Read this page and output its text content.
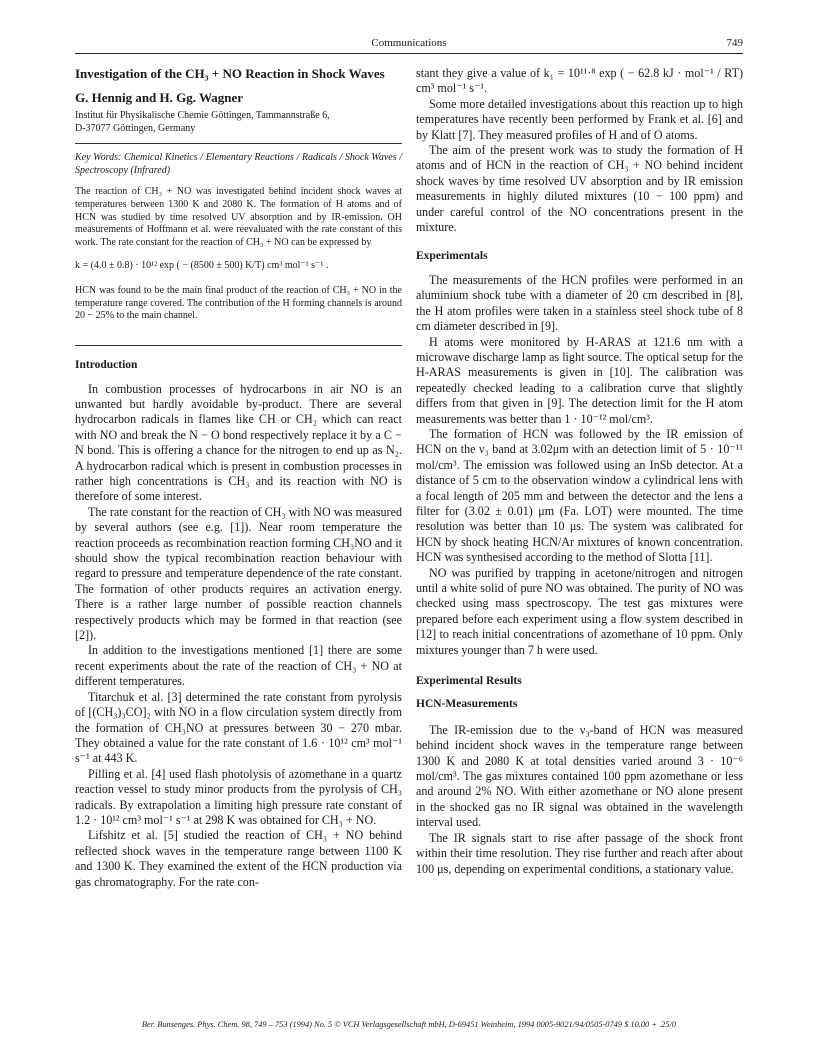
Communications	749
Investigation of the CH₃ + NO Reaction in Shock Waves
G. Hennig and H. Gg. Wagner
Institut für Physikalische Chemie Göttingen, Tammannstraße 6,
D-37077 Göttingen, Germany

Key Words: Chemical Kinetics / Elementary Reactions / Radicals / Shock Waves / Spectroscopy (Infrared)

The reaction of CH₃ + NO was investigated behind incident shock waves at temperatures between 1300 K and 2080 K. The formation of H atoms and of HCN was studied by time resolved UV absorption and by IR-emission. OH measurements of Hoffmann et al. were reevaluated with the rate constant of this work. The rate constant for the reaction of CH₃ + NO can be expressed by

k = (4.0 ± 0.8) · 10¹² exp ( − (8500 ± 500) K/T) cm³ mol⁻¹ s⁻¹ .

HCN was found to be the main final product of the reaction of CH₃ + NO in the temperature range covered. The contribution of the H forming channels is around 20 − 25% to the main channel.

Introduction

In combustion processes of hydrocarbons in air NO is an unwanted but hardly avoidable by-product. There are several hydrocarbon radicals in flames like CH or CH₂ which can react with NO and break the N − O bond respectively replace it by a C − N bond. This is offering a chance for the nitrogen to end up as N₂. A hydrocarbon radical which is present in combustion processes in rather high concentrations is CH₃ and its reaction with NO is therefore of some interest.

The rate constant for the reaction of CH₃ with NO was measured by several authors (see e.g. [1]). Near room temperature the reaction proceeds as recombination reaction forming CH₃NO and it should show the typical recombination reaction behaviour with regard to pressure and temperature dependence of the rate constant. The formation of other products requires an activation energy. There is a rather large number of possible reaction channels respectively products which may be formed in that reaction (see [2]).

In addition to the investigations mentioned [1] there are some recent experiments about the rate of the reaction of CH₃ + NO at different temperatures.

Titarchuk et al. [3] determined the rate constant from pyrolysis of [(CH₃)₃CO]₂ with NO in a flow circulation system directly from the formation of CH₃NO at pressures between 30 − 270 mbar. They obtained a value for the rate constant of 1.6 · 10¹² cm³ mol⁻¹ s⁻¹ at 443 K.

Pilling et al. [4] used flash photolysis of azomethane in a quartz reaction vessel to study minor products from the pyrolysis of CH₃ radicals. By extrapolation a limiting high pressure rate constant of 1.2 · 10¹² cm³ mol⁻¹ s⁻¹ at 298 K was obtained for CH₃ + NO.

Lifshitz et al. [5] studied the reaction of CH₃ + NO behind reflected shock waves in the temperature range between 1100 K and 1300 K. They examined the extent of the HCN production via gas chromatography. For the rate con-

stant they give a value of k₁ = 10¹¹·⁸ exp ( − 62.8 kJ · mol⁻¹ / RT) cm³ mol⁻¹ s⁻¹.

Some more detailed investigations about this reaction up to high temperatures have recently been performed by Frank et al. [6] and by Klatt [7]. They measured profiles of H and of O atoms.

The aim of the present work was to study the formation of H atoms and of HCN in the reaction of CH₃ + NO behind incident shock waves by time resolved UV absorption and by IR emission measurements in highly diluted mixtures (10 − 100 ppm) and under careful control of the NO concentrations present in the mixture.

Experimentals

The measurements of the HCN profiles were performed in an aluminium shock tube with a diameter of 20 cm described in [8], the H atom profiles were taken in a stainless steel shock tube of 8 cm diameter described in [9].

H atoms were monitored by H-ARAS at 121.6 nm with a microwave discharge lamp as light source. The optical setup for the H-ARAS measurements is given in [10]. The calibration was repeatedly checked leading to a calibration curve that slightly differs from that given in [9]. The detection limit for the H atom measurements was better than 1 · 10⁻¹² mol/cm³.

The formation of HCN was followed by the IR emission of HCN on the ν₃ band at 3.02μm with an detection limit of 5 · 10⁻¹¹ mol/cm³. The emission was followed using an InSb detector. At a distance of 5 cm to the observation window a cylindrical lens with a focal length of 205 mm and between the detector and the lens a filter for (3.02 ± 0.01) μm (Fa. LOT) were mounted. The time resolution was better than 10 μs. The system was calibrated for HCN by shock heating HCN/Ar mixtures of known concentration. HCN was synthesised according to the method of Slotta [11].

NO was purified by trapping in acetone/nitrogen and nitrogen until a white solid of pure NO was obtained. The purity of NO was checked using mass spectroscopy. The test gas mixtures were prepared before each experiment using a flow system described in [12] to reach initial concentrations of azomethane of 10 ppm. Only mixtures younger than 7 h were used.

Experimental Results
HCN-Measurements

The IR-emission due to the ν₃-band of HCN was measured behind incident shock waves in the temperature range between 1300 K and 2080 K at total densities varied around 3 · 10⁻⁶ mol/cm³. The gas mixtures contained 100 ppm azomethane or less and around 2% NO. With either azomethane or NO alone present in the shocked gas no IR signal was obtained in the wavelength interval used.

The IR signals start to rise after passage of the shock front within their time resolution. They rise further and reach after about 100 μs, depending on experimental conditions, a stationary value.

Ber. Bunsenges. Phys. Chem. 98, 749 – 753 (1994) No. 5 © VCH Verlagsgesellschaft mbH, D-69451 Weinheim, 1994 0005-9021/94/0505-0749 $ 10.00 + .25/0
